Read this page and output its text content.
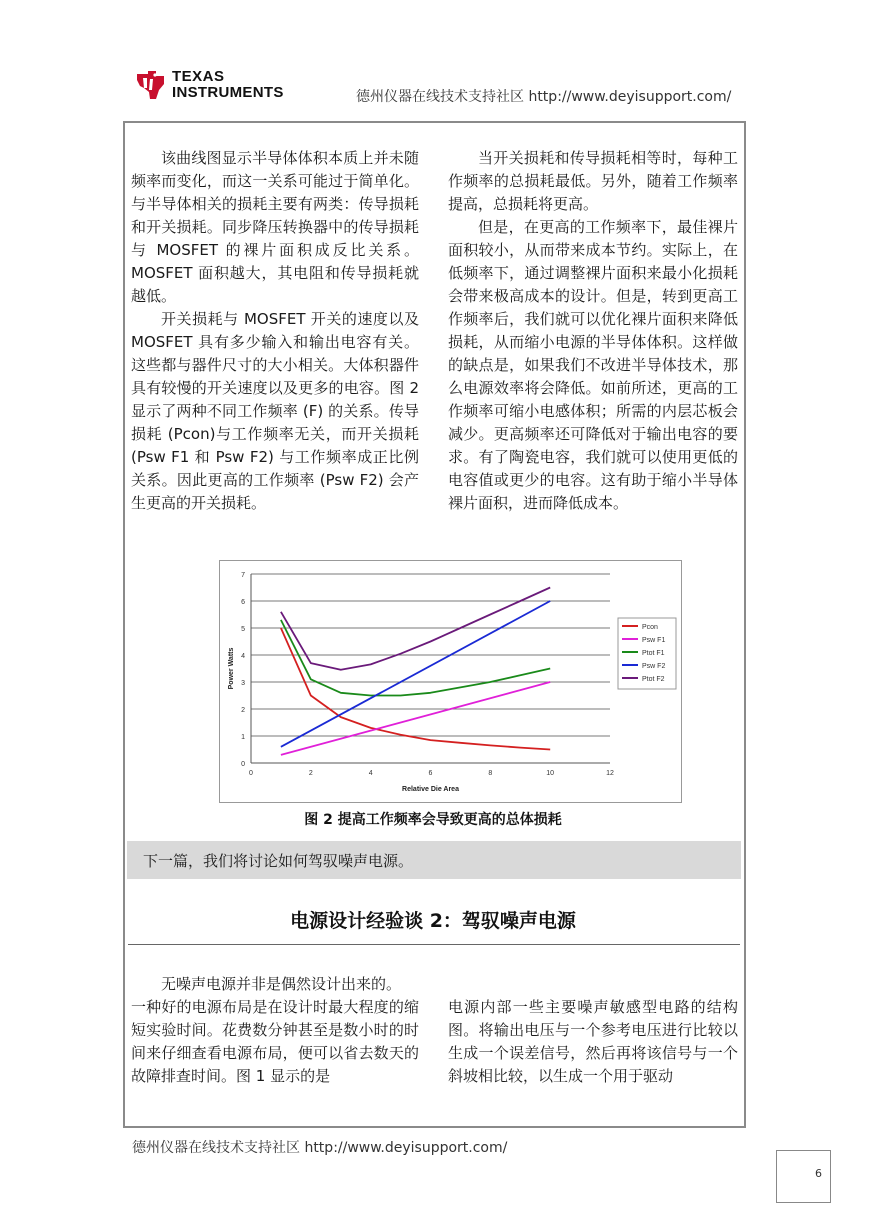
TEXAS
INSTRUMENTS	德州仪器在线技术支持社区 http://www.deyisupport.com/

该曲线图显示半导体体积本质上并未随频率而变化，而这一关系可能过于简单化。与半导体相关的损耗主要有两类：传导损耗和开关损耗。同步降压转换器中的传导损耗与 MOSFET 的裸片面积成反比关系。MOSFET 面积越大，其电阻和传导损耗就越低。

开关损耗与 MOSFET 开关的速度以及 MOSFET 具有多少输入和输出电容有关。这些都与器件尺寸的大小相关。大体积器件具有较慢的开关速度以及更多的电容。图 2 显示了两种不同工作频率 (F) 的关系。传导损耗 (Pcon)与工作频率无关，而开关损耗 (Psw F1 和 Psw F2) 与工作频率成正比例关系。因此更高的工作频率 (Psw F2) 会产生更高的开关损耗。

当开关损耗和传导损耗相等时，每种工作频率的总损耗最低。另外，随着工作频率提高，总损耗将更高。

但是，在更高的工作频率下，最佳裸片面积较小，从而带来成本节约。实际上，在低频率下，通过调整裸片面积来最小化损耗会带来极高成本的设计。但是，转到更高工作频率后，我们就可以优化裸片面积来降低损耗，从而缩小电源的半导体体积。这样做的缺点是，如果我们不改进半导体技术，那么电源效率将会降低。如前所述，更高的工作频率可缩小电感体积；所需的内层芯板会减少。更高频率还可降低对于输出电容的要求。有了陶瓷电容，我们就可以使用更低的电容值或更少的电容。这有助于缩小半导体裸片面积，进而降低成本。

0
1
2
3
4
5
6
7
0	2	4	6	8	10	12
Relative Die Area
Power Watts
Pcon
Psw F1
Ptot F1
Psw F2
Ptot F2
图 2 提高工作频率会导致更高的总体损耗
下一篇，我们将讨论如何驾驭噪声电源。
电源设计经验谈 2：驾驭噪声电源

无噪声电源并非是偶然设计出来的。

一种好的电源布局是在设计时最大程度的缩短实验时间。花费数分钟甚至是数小时的时间来仔细查看电源布局，便可以省去数天的故障排查时间。图 1 显示的是

电源内部一些主要噪声敏感型电路的结构图。将输出电压与一个参考电压进行比较以生成一个误差信号，然后再将该信号与一个斜坡相比较，以生成一个用于驱动

德州仪器在线技术支持社区 http://www.deyisupport.com/
6
